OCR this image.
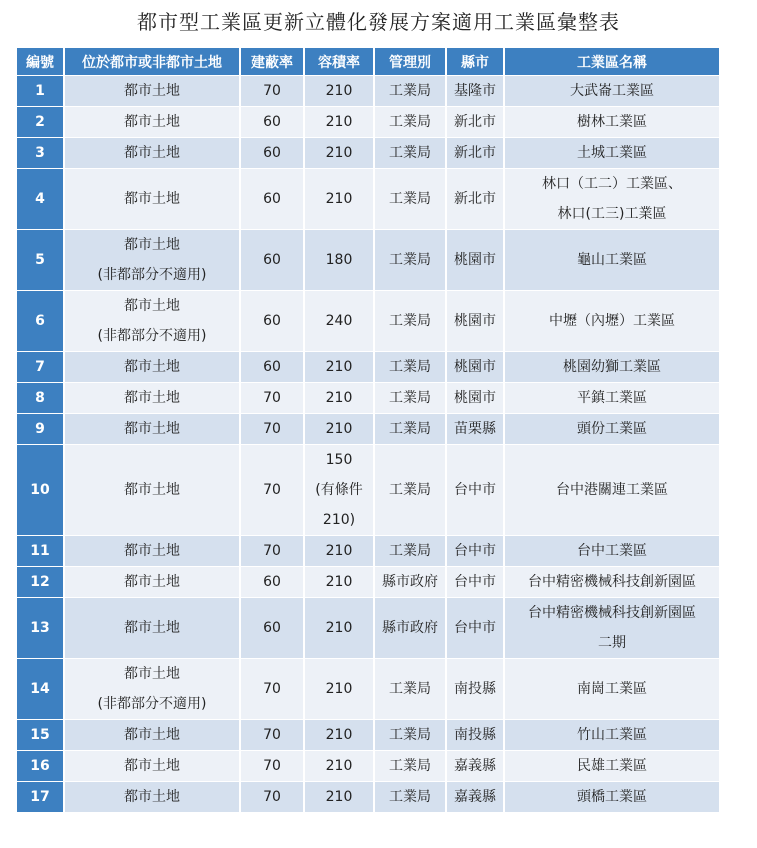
都市型工業區更新立體化發展方案適用工業區彙整表
編號	位於都市或非都市土地	建蔽率	容積率	管理別	縣市	工業區名稱
1	都市土地	70	210	工業局	基隆市	大武崙工業區

2	都市土地	60	210	工業局	新北市	樹林工業區

3	都市土地	60	210	工業局	新北市	土城工業區

4	都市土地	60	210	工業局	新北市	林口（工二）工業區、
林口(工三)工業區

5	都市土地
(非都部分不適用)	60	180	工業局	桃園市	龜山工業區

6	都市土地
(非都部分不適用)	60	240	工業局	桃園市	中壢（內壢）工業區

7	都市土地	60	210	工業局	桃園市	桃園幼獅工業區

8	都市土地	70	210	工業局	桃園市	平鎮工業區

9	都市土地	70	210	工業局	苗栗縣	頭份工業區

10	都市土地	70	150
(有條件
210)	工業局	台中市	台中港關連工業區

11	都市土地	70	210	工業局	台中市	台中工業區

12	都市土地	60	210	縣市政府	台中市	台中精密機械科技創新園區

13	都市土地	60	210	縣市政府	台中市	台中精密機械科技創新園區
二期

14	都市土地
(非都部分不適用)	70	210	工業局	南投縣	南崗工業區

15	都市土地	70	210	工業局	南投縣	竹山工業區

16	都市土地	70	210	工業局	嘉義縣	民雄工業區

17	都市土地	70	210	工業局	嘉義縣	頭橋工業區
